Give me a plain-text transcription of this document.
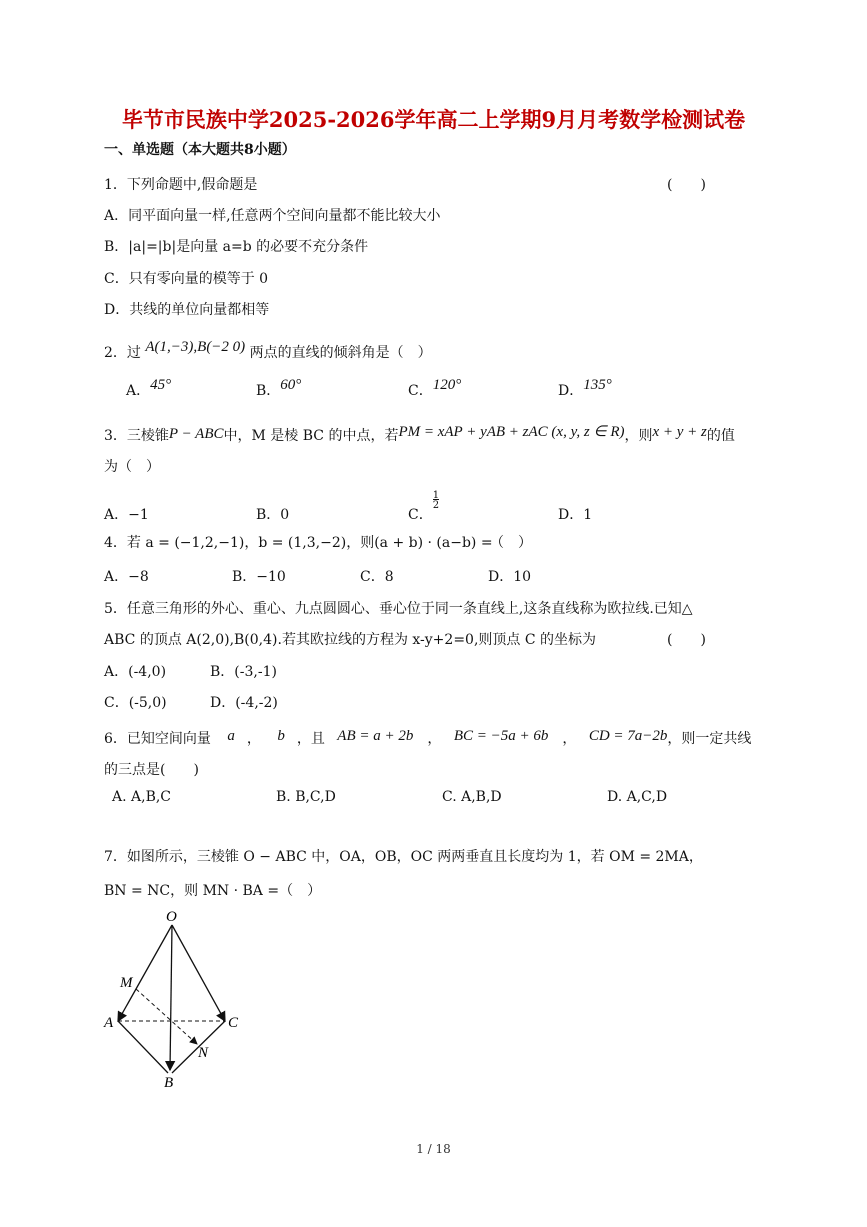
毕节市民族中学2025-2026学年高二上学期9月月考数学检测试卷
一、单选题（本大题共8小题）
1．下列命题中,假命题是	(　　)
A．同平面向量一样,任意两个空间向量都不能比较大小
B．|a|=|b|是向量 a=b 的必要不充分条件
C．只有零向量的模等于 0
D．共线的单位向量都相等
2．过 A(1,−3),B(−2 0) 两点的直线的倾斜角是（　）
A．45°	B．60°	C．120°	D．135°
3．三棱锥P − ABC中，M 是棱 BC 的中点，若PM = xAP + yAB + zAC (x, y, z ∈ R)，则x + y + z的值
为（　）
A．−1	B．0	C．$\frac{1}{2}$
D．1
4．若 a = (−1,2,−1)，b = (1,3,−2)，则(a + b) · (a−b) =
（　）
A．−8	B．−10	C．8	D．10
5．任意三角形的外心、重心、九点圆圆心、垂心位于同一条直线上,这条直线称为欧拉线.已知△
ABC 的顶点 A(2,0),B(0,4).若其欧拉线的方程为 x-y+2=0,则顶点 C 的坐标为	(　　)
A．(-4,0)	B．(-3,-1)
C．(-5,0)	D．(-4,-2)
6．已知空间向量 a ， b ，且 AB = a + 2b　， BC = −5a + 6b　， CD = 7a−2b，则一定共线
的三点是(　　)
A. A,B,C	B. B,C,D	C. A,B,D	D. A,C,D
7．如图所示，三棱锥 O − ABC 中，OA，OB，OC 两两垂直且长度均为 1，若 OM = 2MA，
BN = NC，则 MN · BA =（　）
O
M
A	C
N
B
1 / 18
